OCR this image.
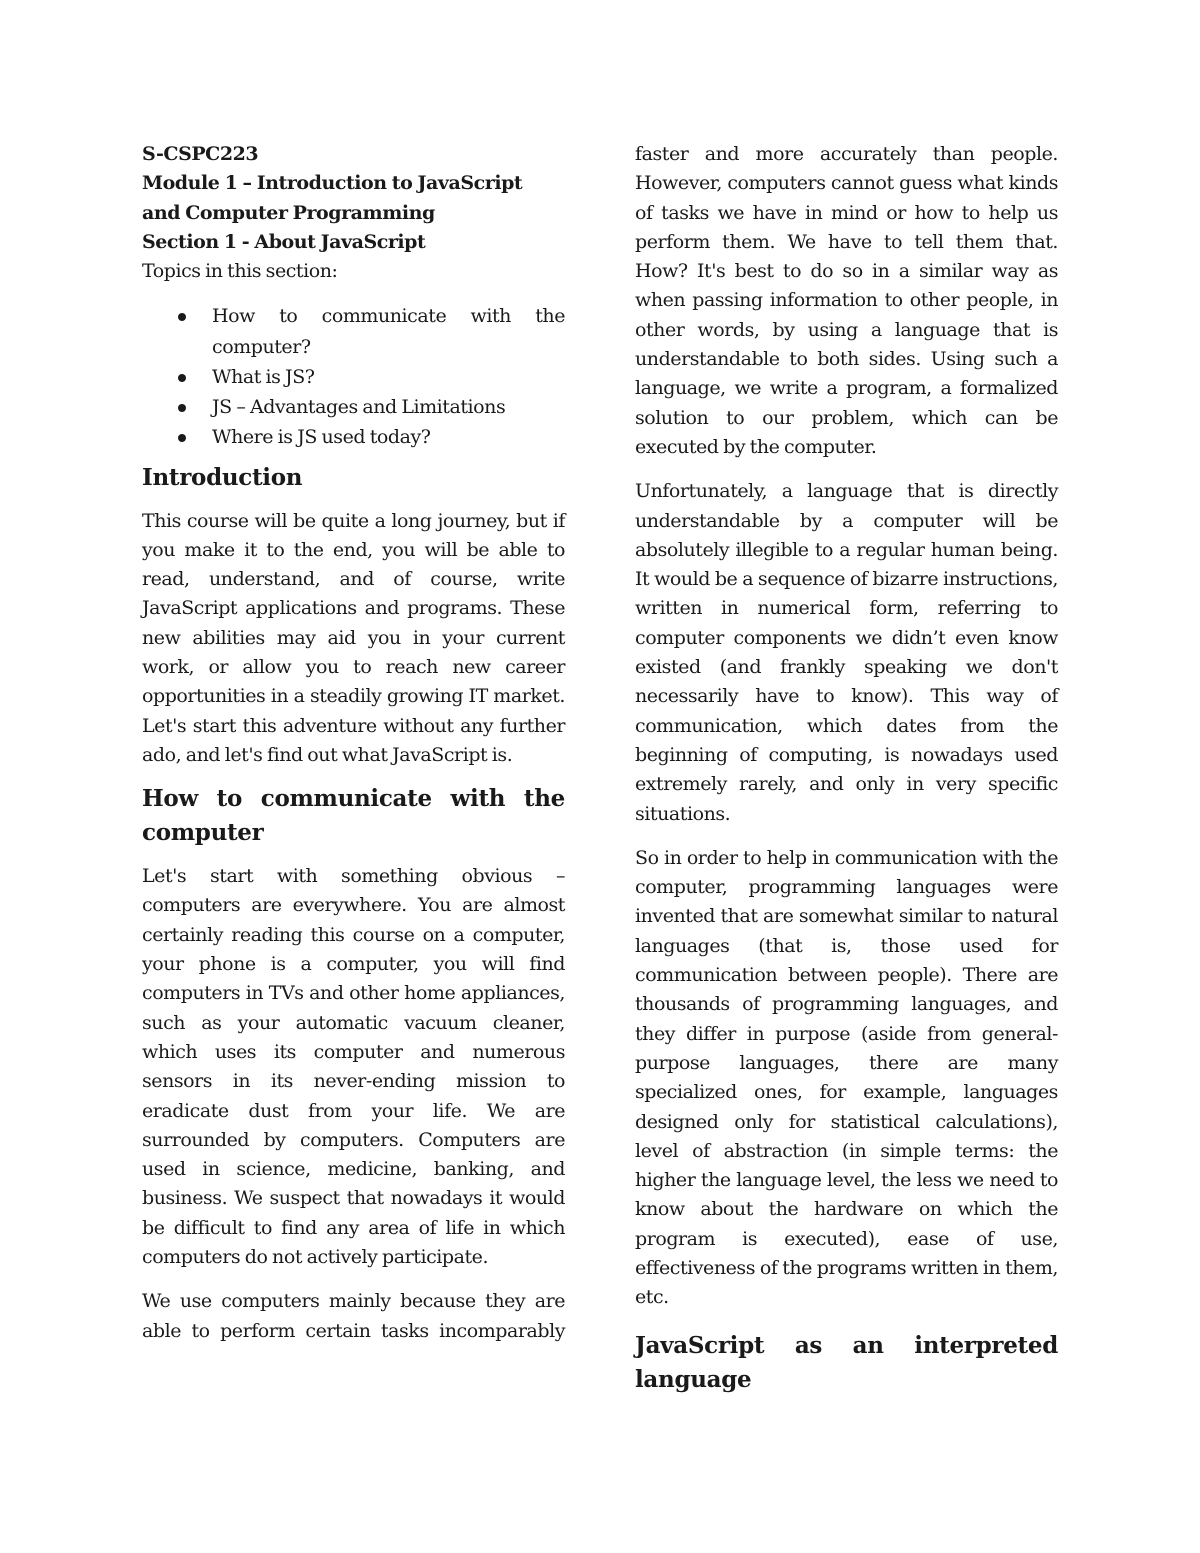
S-CSPC223

Module 1 – Introduction to JavaScript and Computer Programming

Section 1 - About JavaScript

Topics in this section:

How to communicate with the computer?
What is JS?
JS – Advantages and Limitations
Where is JS used today?
Introduction

This course will be quite a long journey, but if you make it to the end, you will be able to read, understand, and of course, write JavaScript applications and programs. These new abilities may aid you in your current work, or allow you to reach new career opportunities in a steadily growing IT market. Let's start this adventure without any further ado, and let's find out what JavaScript is.

How to communicate with the computer

Let's start with something obvious – computers are everywhere. You are almost certainly reading this course on a computer, your phone is a computer, you will find computers in TVs and other home appliances, such as your automatic vacuum cleaner, which uses its computer and numerous sensors in its never-ending mission to eradicate dust from your life. We are surrounded by computers. Computers are used in science, medicine, banking, and business. We suspect that nowadays it would be difficult to find any area of life in which computers do not actively participate.

We use computers mainly because they are able to perform certain tasks incomparably

faster and more accurately than people. However, computers cannot guess what kinds of tasks we have in mind or how to help us perform them. We have to tell them that. How? It's best to do so in a similar way as when passing information to other people, in other words, by using a language that is understandable to both sides. Using such a language, we write a program, a formalized solution to our problem, which can be executed by the computer.

Unfortunately, a language that is directly understandable by a computer will be absolutely illegible to a regular human being. It would be a sequence of bizarre instructions, written in numerical form, referring to computer components we didn’t even know existed (and frankly speaking we don't necessarily have to know). This way of communication, which dates from the beginning of computing, is nowadays used extremely rarely, and only in very specific situations.

So in order to help in communication with the computer, programming languages were invented that are somewhat similar to natural languages (that is, those used for communication between people). There are thousands of programming languages, and they differ in purpose (aside from general-purpose languages, there are many specialized ones, for example, languages designed only for statistical calculations), level of abstraction (in simple terms: the higher the language level, the less we need to know about the hardware on which the program is executed), ease of use, effectiveness of the programs written in them, etc.

JavaScript as an interpreted language
